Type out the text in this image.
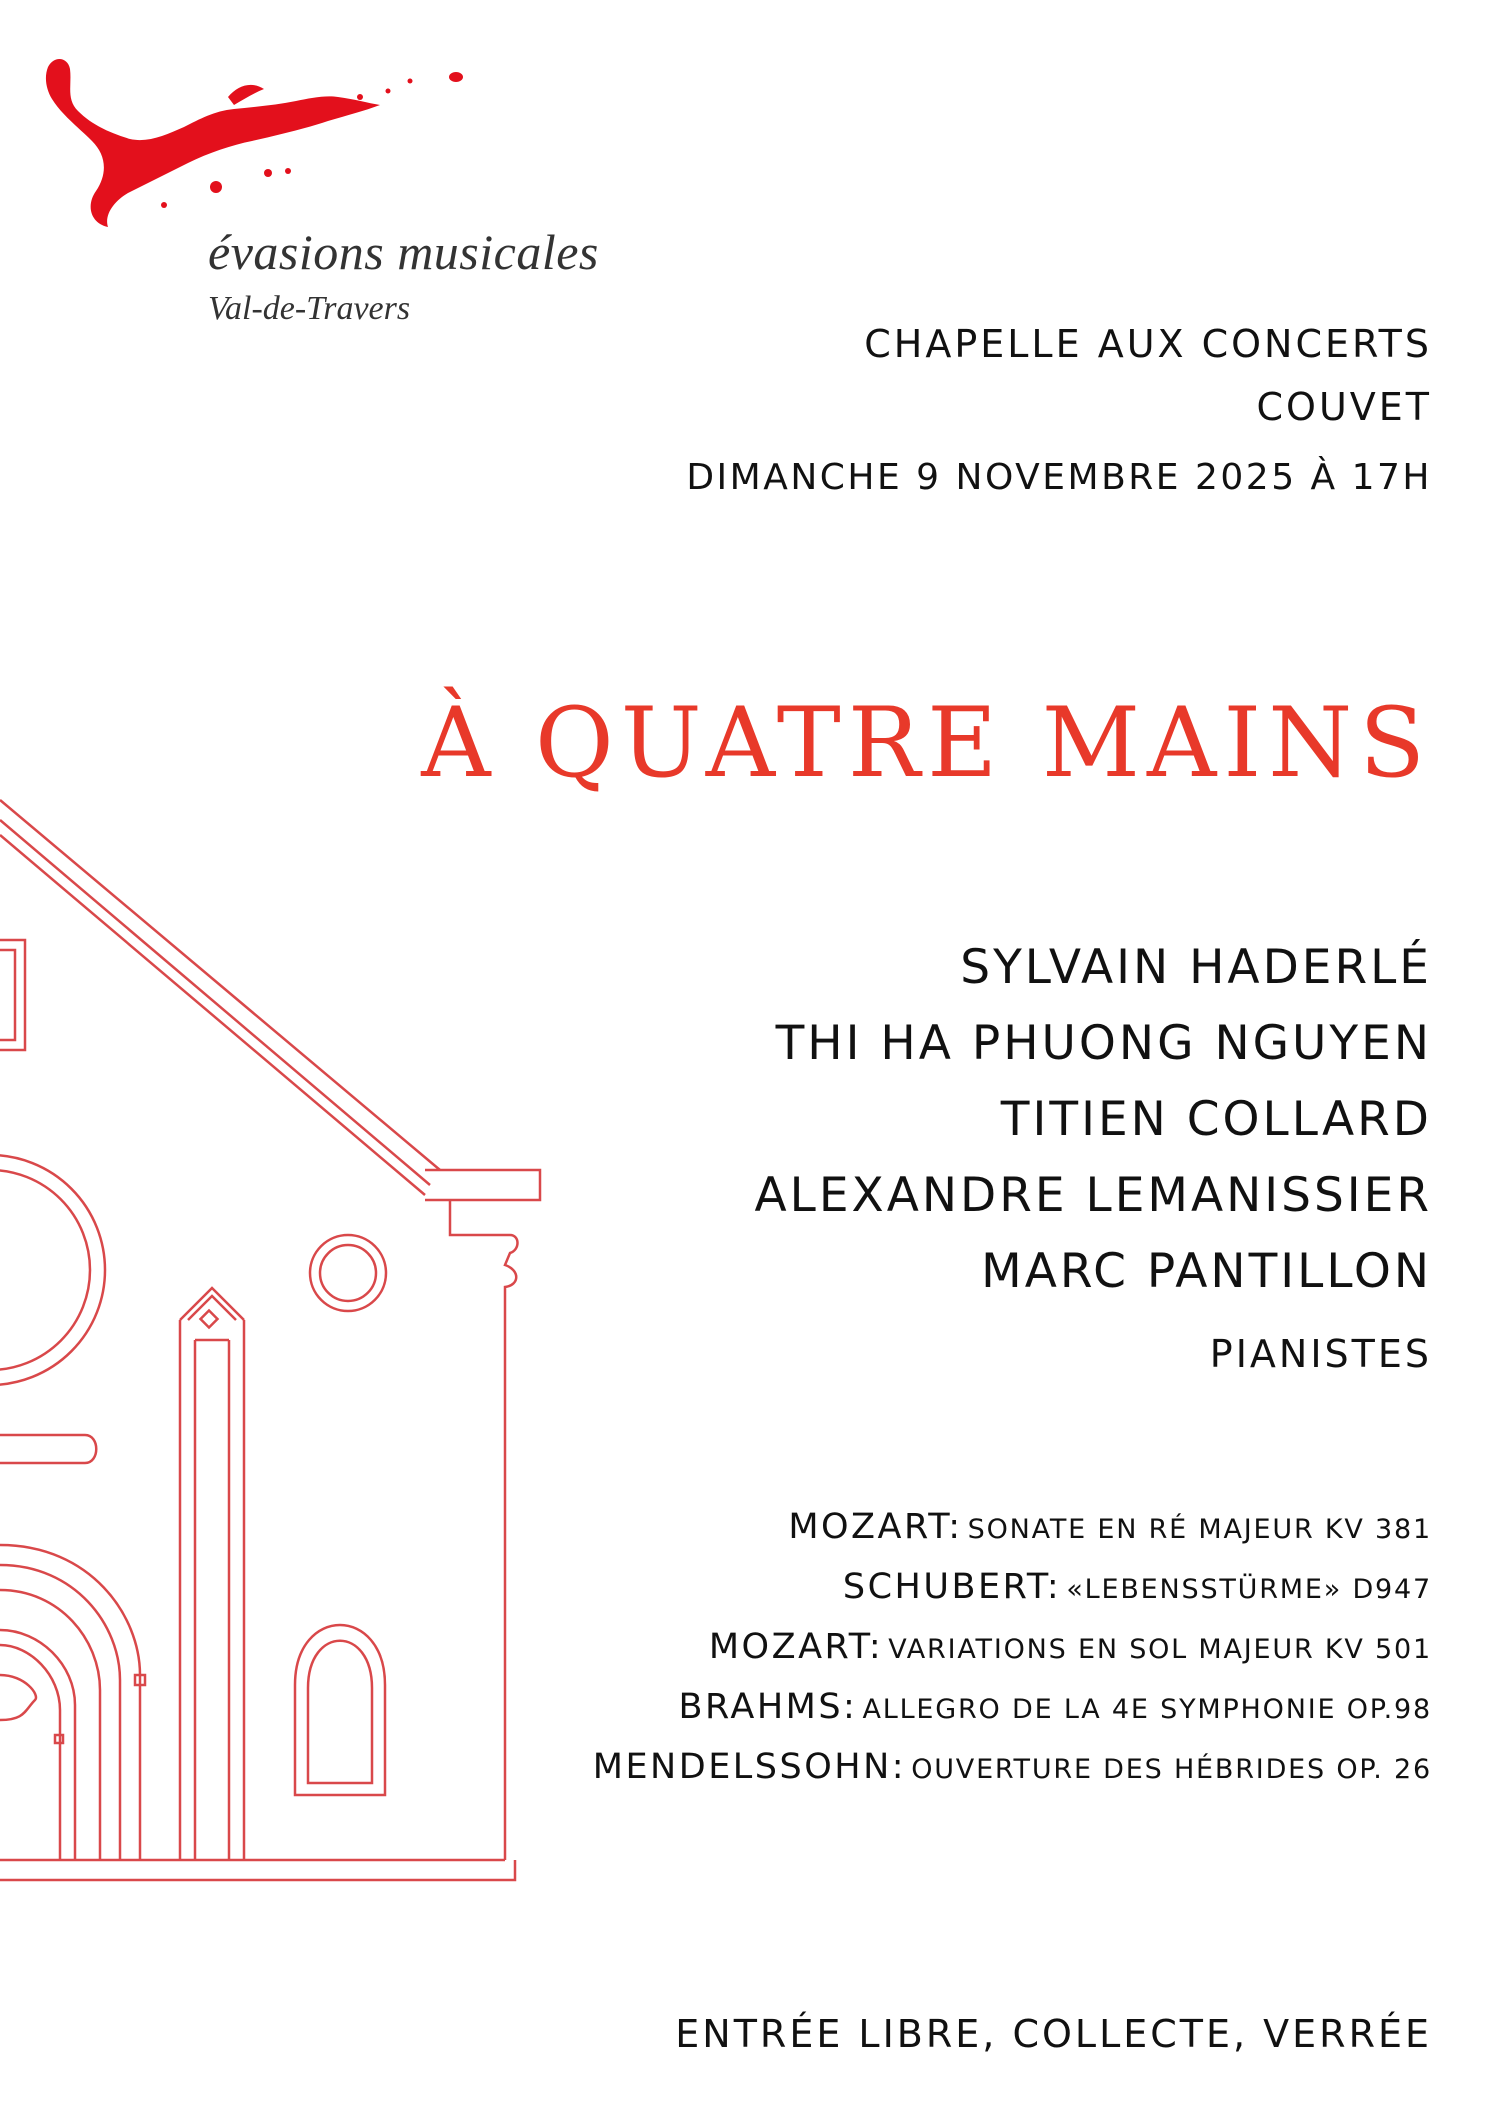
évasions musicales
Val-de-Travers
CHAPELLE AUX CONCERTS
COUVET
DIMANCHE 9 NOVEMBRE 2025 À 17H
À QUATRE MAINS
SYLVAIN HADERLÉ
THI HA PHUONG NGUYEN
TITIEN COLLARD
ALEXANDRE LEMANISSIER
MARC PANTILLON
PIANISTES
MOZART: SONATE EN RÉ MAJEUR KV 381
SCHUBERT: «LEBENSSTÜRME» D947
MOZART: VARIATIONS EN SOL MAJEUR KV 501
BRAHMS: ALLEGRO DE LA 4E SYMPHONIE OP.98
MENDELSSOHN: OUVERTURE DES HÉBRIDES OP. 26
ENTRÉE LIBRE, COLLECTE, VERRÉE
